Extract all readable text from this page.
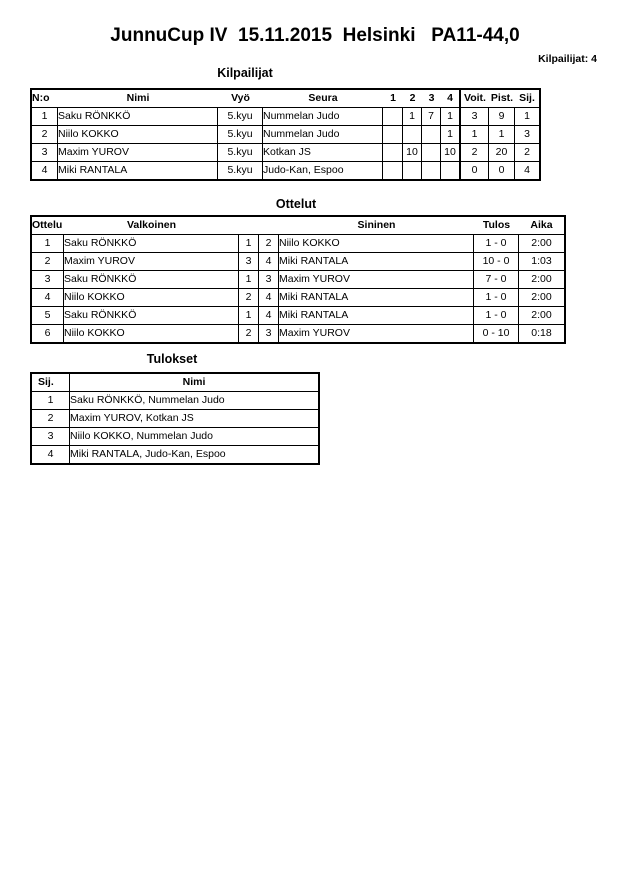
JunnuCup IV  15.11.2015  Helsinki   PA11-44,0
Kilpailijat: 4
Kilpailijat
N:o	Nimi	Vyö	Seura	1	2	3	4	Voit.	Pist.	Sij.
1	Saku RÖNKKÖ	5.kyu	Nummelan Judo		1	7	1	3	9	1
2	Niilo KOKKO	5.kyu	Nummelan Judo				1	1	1	3
3	Maxim YUROV	5.kyu	Kotkan JS		10		10	2	20	2
4	Miki RANTALA	5.kyu	Judo-Kan, Espoo					0	0	4
Ottelut
Ottelu	Valkoinen			Sininen	Tulos	Aika
1	Saku RÖNKKÖ	1	2	Niilo KOKKO	1 - 0	2:00
2	Maxim YUROV	3	4	Miki RANTALA	10 - 0	1:03
3	Saku RÖNKKÖ	1	3	Maxim YUROV	7 - 0	2:00
4	Niilo KOKKO	2	4	Miki RANTALA	1 - 0	2:00
5	Saku RÖNKKÖ	1	4	Miki RANTALA	1 - 0	2:00
6	Niilo KOKKO	2	3	Maxim YUROV	0 - 10	0:18
Tulokset
Sij.	Nimi
1	Saku RÖNKKÖ, Nummelan Judo
2	Maxim YUROV, Kotkan JS
3	Niilo KOKKO, Nummelan Judo
4	Miki RANTALA, Judo-Kan, Espoo
